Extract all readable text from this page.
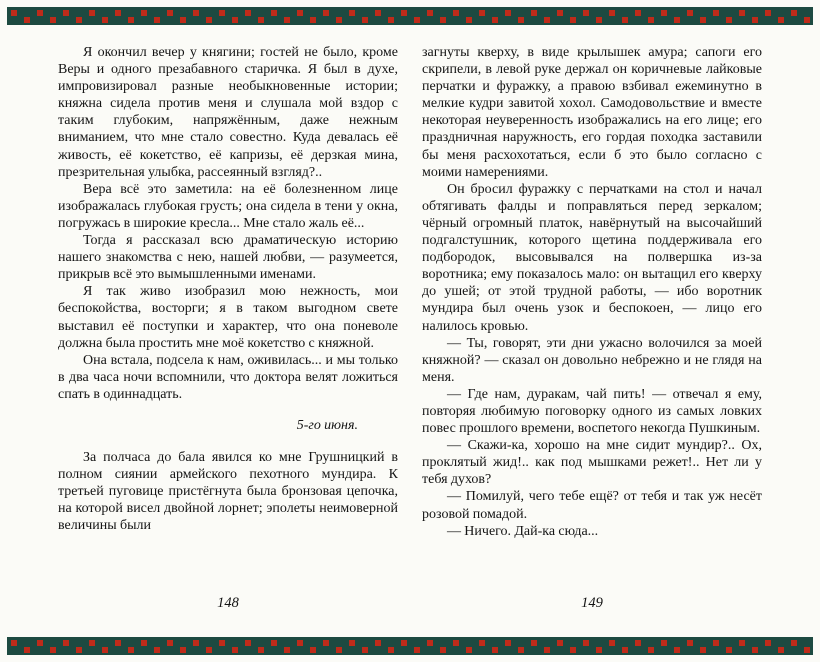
Я окончил вечер у княгини; гостей не было, кроме Веры и одного презабавного старичка. Я был в духе, импровизировал разные необыкновенные истории; княжна сидела против меня и слушала мой вздор с таким глубоким, напряжённым, даже нежным вниманием, что мне стало совестно. Куда девалась её живость, её кокетство, её капризы, её дерзкая мина, презрительная улыбка, рассеянный взгляд?..

Вера всё это заметила: на её болезненном лице изображалась глубокая грусть; она сидела в тени у окна, погружась в широкие кресла... Мне стало жаль её...

Тогда я рассказал всю драматическую историю нашего знакомства с нею, нашей любви, — разумеется, прикрыв всё это вымышленными именами.

Я так живо изобразил мою нежность, мои беспокойства, восторги; я в таком выгодном свете выставил её поступки и характер, что она поневоле должна была простить мне моё кокетство с княжной.

Она встала, подсела к нам, оживилась... и мы только в два часа ночи вспомнили, что доктора велят ложиться спать в одиннадцать.

5-го июня.

За полчаса до бала явился ко мне Грушницкий в полном сиянии армейского пехотного мундира. К третьей пуговице пристёгнута была бронзовая цепочка, на которой висел двойной лорнет; эполеты неимоверной величины были

148

загнуты кверху, в виде крылышек амура; сапоги его скрипели, в левой руке держал он коричневые лайковые перчатки и фуражку, а правою взбивал ежеминутно в мелкие кудри завитой хохол. Самодовольствие и вместе некоторая неуверенность изображались на его лице; его праздничная наружность, его гордая походка заставили бы меня расхохотаться, если б это было согласно с моими намерениями.

Он бросил фуражку с перчатками на стол и начал обтягивать фалды и поправляться перед зеркалом; чёрный огромный платок, навёрнутый на высочайший подгалстушник, которого щетина поддерживала его подбородок, высовывался на полвершка из-за воротника; ему показалось мало: он вытащил его кверху до ушей; от этой трудной работы, — ибо воротник мундира был очень узок и беспокоен, — лицо его налилось кровью.

— Ты, говорят, эти дни ужасно волочился за моей княжной? — сказал он довольно небрежно и не глядя на меня.

— Где нам, дуракам, чай пить! — отвечал я ему, повторяя любимую поговорку одного из самых ловких повес прошлого времени, воспетого некогда Пушкиным.

— Скажи-ка, хорошо на мне сидит мундир?.. Ох, проклятый жид!.. как под мышками режет!.. Нет ли у тебя духов?

— Помилуй, чего тебе ещё? от тебя и так уж несёт розовой помадой.

— Ничего. Дай-ка сюда...

149
